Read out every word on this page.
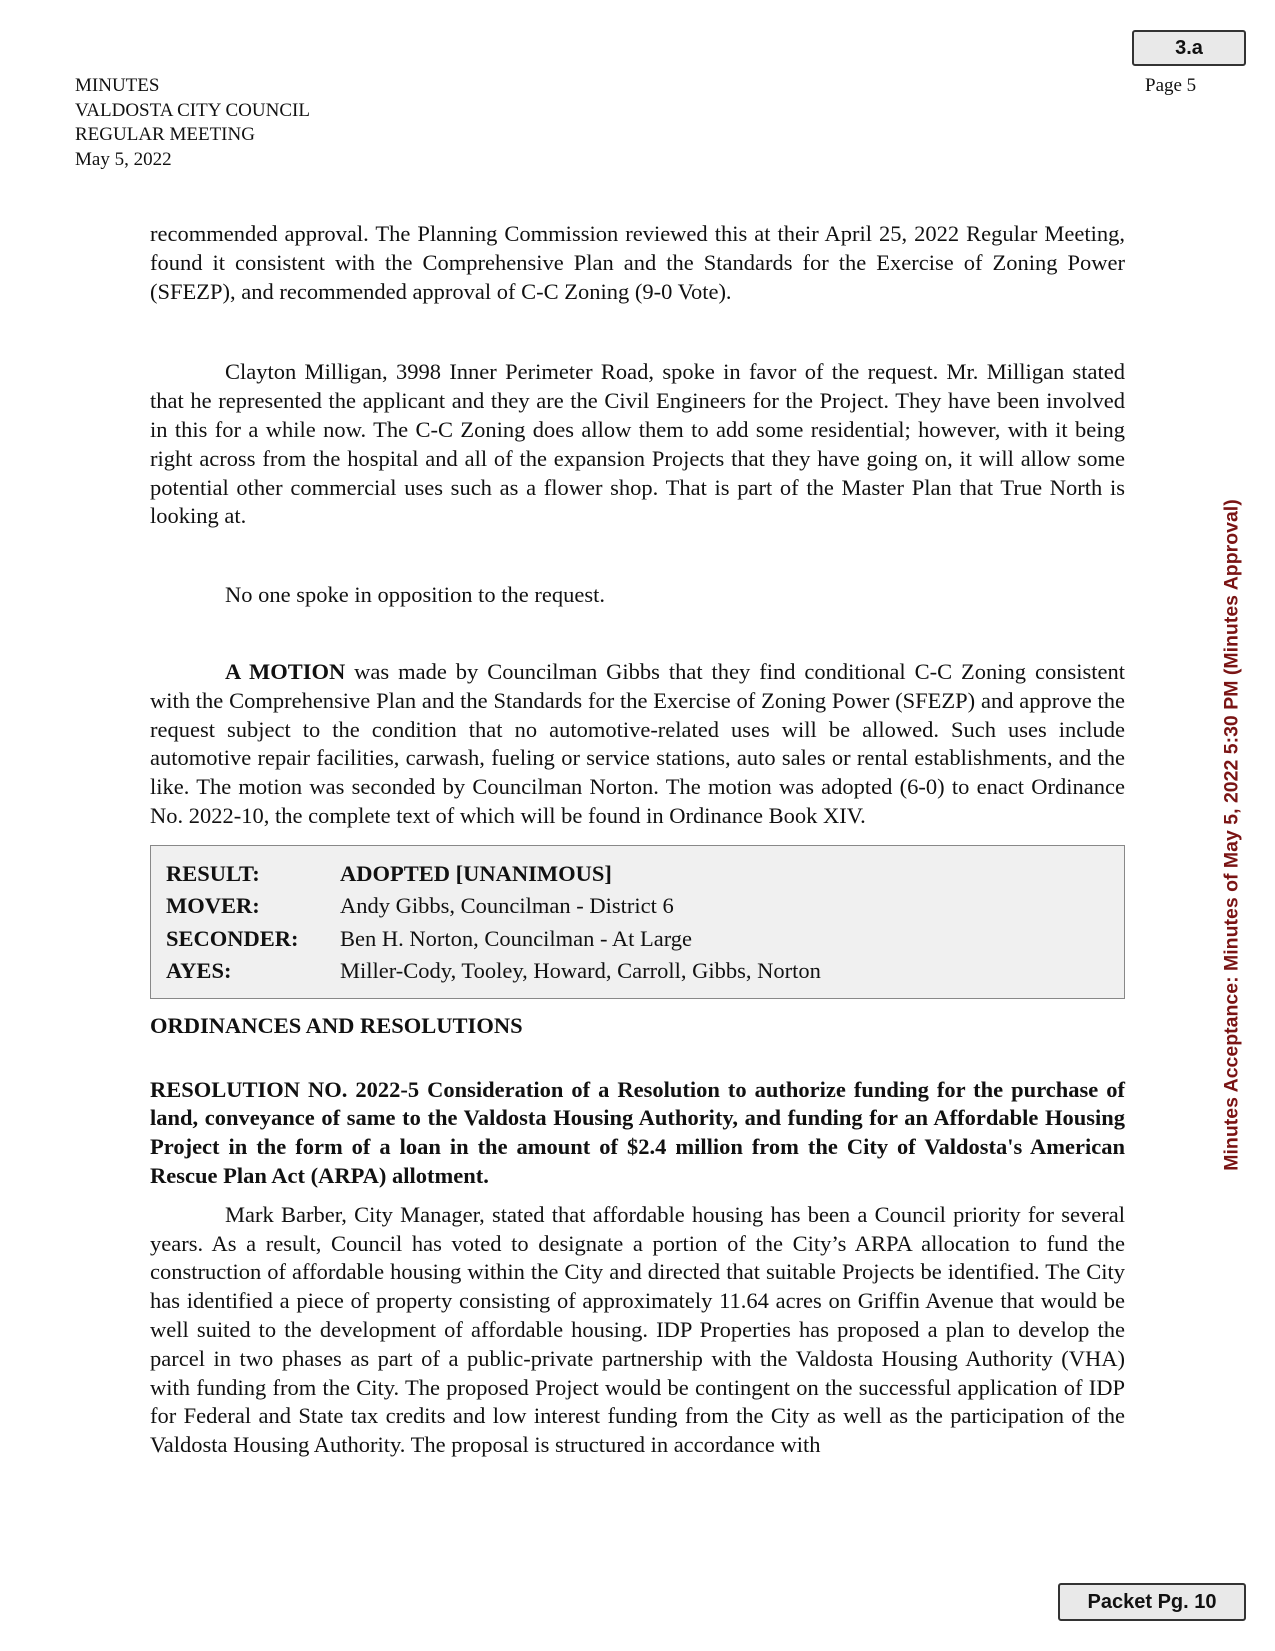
3.a
MINUTES
VALDOSTA CITY COUNCIL
REGULAR MEETING
May 5, 2022
Page 5
Minutes Acceptance: Minutes of May 5, 2022 5:30 PM (Minutes Approval)

recommended approval. The Planning Commission reviewed this at their April 25, 2022 Regular Meeting, found it consistent with the Comprehensive Plan and the Standards for the Exercise of Zoning Power (SFEZP), and recommended approval of C-C Zoning (9-0 Vote).

Clayton Milligan, 3998 Inner Perimeter Road, spoke in favor of the request. Mr. Milligan stated that he represented the applicant and they are the Civil Engineers for the Project. They have been involved in this for a while now. The C-C Zoning does allow them to add some residential; however, with it being right across from the hospital and all of the expansion Projects that they have going on, it will allow some potential other commercial uses such as a flower shop. That is part of the Master Plan that True North is looking at.

No one spoke in opposition to the request.

A MOTION was made by Councilman Gibbs that they find conditional C-C Zoning consistent with the Comprehensive Plan and the Standards for the Exercise of Zoning Power (SFEZP) and approve the request subject to the condition that no automotive-related uses will be allowed. Such uses include automotive repair facilities, carwash, fueling or service stations, auto sales or rental establishments, and the like. The motion was seconded by Councilman Norton. The motion was adopted (6-0) to enact Ordinance No. 2022-10, the complete text of which will be found in Ordinance Book XIV.

RESULT:	ADOPTED [UNANIMOUS]
MOVER:	Andy Gibbs, Councilman - District 6
SECONDER:	Ben H. Norton, Councilman - At Large
AYES:	Miller-Cody, Tooley, Howard, Carroll, Gibbs, Norton

ORDINANCES AND RESOLUTIONS

RESOLUTION NO. 2022-5 Consideration of a Resolution to authorize funding for the purchase of land, conveyance of same to the Valdosta Housing Authority, and funding for an Affordable Housing Project in the form of a loan in the amount of $2.4 million from the City of Valdosta's American Rescue Plan Act (ARPA) allotment.

Mark Barber, City Manager, stated that affordable housing has been a Council priority for several years. As a result, Council has voted to designate a portion of the City’s ARPA allocation to fund the construction of affordable housing within the City and directed that suitable Projects be identified. The City has identified a piece of property consisting of approximately 11.64 acres on Griffin Avenue that would be well suited to the development of affordable housing. IDP Properties has proposed a plan to develop the parcel in two phases as part of a public-private partnership with the Valdosta Housing Authority (VHA) with funding from the City. The proposed Project would be contingent on the successful application of IDP for Federal and State tax credits and low interest funding from the City as well as the participation of the Valdosta Housing Authority. The proposal is structured in accordance with

Packet Pg. 10
